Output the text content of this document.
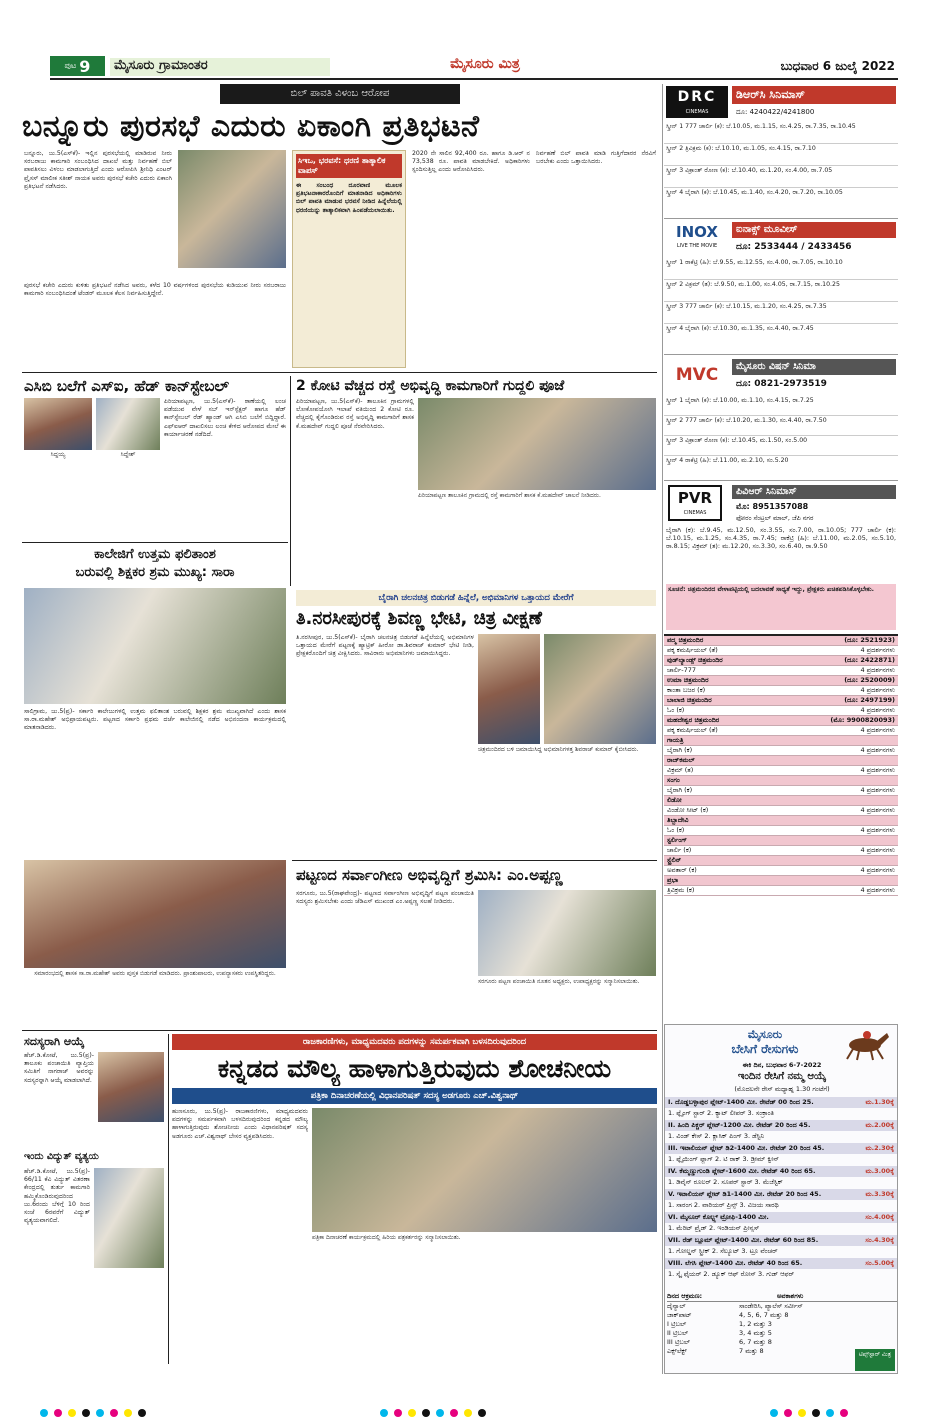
ಪುಟ 9	ಮೈಸೂರು ಗ್ರಾಮಾಂತರ	ಮೈಸೂರು ಮಿತ್ರ	ಬುಧವಾರ 6 ಜುಲೈ 2022
ಬಿಲ್ ಪಾವತಿ ವಿಳಂಬ ಆರೋಪ
ಬನ್ನೂರು ಪುರಸಭೆ ಎದುರು ಏಕಾಂಗಿ ಪ್ರತಿಭಟನೆ
ಬನ್ನೂರು, ಜು.5(ಎಸ್‌ಕೆ)- ಇಲ್ಲಿನ ಪುರಸಭೆಯಲ್ಲಿ ಮಾಡಿರುವ ನೀರು ಸರಬರಾಜು ಕಾಮಗಾರಿ ಸಂಬಂಧಿಸಿದ ದಾಖಲೆ ಮತ್ತು ನಿರ್ವಹಣೆ ಬಿಲ್ ಪಾವತಿಸಲು ವಿಳಂಬ ಮಾಡಲಾಗುತ್ತಿದೆ ಎಂದು ಆರೋಪಿಸಿ ಶ್ರೀನಿಧಿ ಎಂಟರ್ ಪ್ರೈಸಸ್ ಮಾಲೀಕ ಸತೀಶ್ ನಾಯಕ ಅವರು ಪುರಸಭೆ ಕಚೇರಿ ಎದುರು ಏಕಾಂಗಿ ಪ್ರತಿಭಟನೆ ನಡೆಸಿದರು.
ಪುರಸಭೆ ಕಚೇರಿ ಎದುರು ಕುಳಿತು ಪ್ರತಿಭಟನೆ ನಡೆಸಿದ ಅವರು, ಕಳೆದ 10 ವರ್ಷಗಳಿಂದ ಪುರಸಭೆಯ ಕುಡಿಯುವ ನೀರು ಸರಬರಾಜು ಕಾಮಗಾರಿ ಸಂಬಂಧಿಸಿದಂತೆ ಟೆಂಡರ್ ಮೂಲಕ ಕೆಲಸ ನಿರ್ವಹಿಸುತ್ತಿದ್ದೇನೆ.
ಸಿಇಒ, ಭರವಸೆ: ಧರಣಿ ತಾತ್ಕಾಲಿಕ ವಾಪಸ್
ಈ ಸಂಬಂಧ ದೂರವಾಣಿ ಮೂಲಕ ಪ್ರತಿಭಟನಾಕಾರರೊಂದಿಗೆ ಮಾತನಾಡಿದ ಅಧಿಕಾರಿಗಳು ಬಿಲ್ ಪಾವತಿ ಮಾಡುವ ಭರವಸೆ ನೀಡಿದ ಹಿನ್ನೆಲೆಯಲ್ಲಿ ಧರಣಿಯನ್ನು ತಾತ್ಕಾಲಿಕವಾಗಿ ಹಿಂಪಡೆಯಲಾಯಿತು.
2020 ನೇ ಸಾಲಿನ 92,400 ರೂ. ಹಾಗೂ ಡಿ.ಆರ್ ನ 73,538 ರೂ. ಪಾವತಿ ಮಾಡಬೇಕಿದೆ. ಅಧಿಕಾರಿಗಳು ಸ್ಪಂದಿಸುತ್ತಿಲ್ಲ ಎಂದು ಆರೋಪಿಸಿದರು.
ನಿರ್ವಹಣೆ ಬಿಲ್ ಪಾವತಿ ಮಾಡಿ ಗುತ್ತಿಗೆದಾರರ ನೆರವಿಗೆ ಬರಬೇಕು ಎಂದು ಒತ್ತಾಯಿಸಿದರು.
ಎಸಿಬಿ ಬಲೆಗೆ ಎಸ್‌ಐ, ಹೆಡ್ ಕಾನ್‌ಸ್ಟೇಬಲ್
ಸಿದ್ದಯ್ಯ	ಸಿದ್ದೇಶ್
ಪಿರಿಯಾಪಟ್ಟಣ, ಜು.5(ಎಸ್‌ಕೆ)- ಠಾಣೆಯಲ್ಲಿ ಲಂಚ ಪಡೆಯುವ ವೇಳೆ ಸಬ್ ಇನ್‌ಸ್ಪೆಕ್ಟರ್ ಹಾಗೂ ಹೆಡ್ ಕಾನ್‌ಸ್ಟೇಬಲ್ ರೆಡ್ ಹ್ಯಾಂಡ್ ಆಗಿ ಎಸಿಬಿ ಬಲೆಗೆ ಬಿದ್ದಿದ್ದಾರೆ. ಎಫ್‌ಐಆರ್ ದಾಖಲಿಸಲು ಲಂಚ ಕೇಳಿದ ಆರೋಪದ ಮೇಲೆ ಈ ಕಾರ್ಯಾಚರಣೆ ನಡೆದಿದೆ.
2 ಕೋಟಿ ವೆಚ್ಚದ ರಸ್ತೆ ಅಭಿವೃದ್ಧಿ ಕಾಮಗಾರಿಗೆ ಗುದ್ದಲಿ ಪೂಜೆ
ಪಿರಿಯಾಪಟ್ಟಣ, ಜು.5(ಎಸ್‌ಕೆ)- ತಾಲೂಕಿನ ಗ್ರಾಮಗಳಲ್ಲಿ ಲೋಕೋಪಯೋಗಿ ಇಲಾಖೆ ವತಿಯಿಂದ 2 ಕೋಟಿ ರೂ. ವೆಚ್ಚದಲ್ಲಿ ಕೈಗೊಂಡಿರುವ ರಸ್ತೆ ಅಭಿವೃದ್ಧಿ ಕಾಮಗಾರಿಗೆ ಶಾಸಕ ಕೆ.ಮಹದೇವ್ ಗುದ್ದಲಿ ಪೂಜೆ ನೆರವೇರಿಸಿದರು.
ಪಿರಿಯಾಪಟ್ಟಣ ತಾಲೂಕಿನ ಗ್ರಾಮದಲ್ಲಿ ರಸ್ತೆ ಕಾಮಗಾರಿಗೆ ಶಾಸಕ ಕೆ.ಮಹದೇವ್ ಚಾಲನೆ ನೀಡಿದರು.
ಕಾಲೇಜಿಗೆ ಉತ್ತಮ ಫಲಿತಾಂಶ
ಬರುವಲ್ಲಿ ಶಿಕ್ಷಕರ ಶ್ರಮ ಮುಖ್ಯ: ಸಾರಾ
ಸಾಲಿಗ್ರಾಮ, ಜು.5(ಪ್ರ)- ಸರ್ಕಾರಿ ಕಾಲೇಜುಗಳಲ್ಲಿ ಉತ್ತಮ ಫಲಿತಾಂಶ ಬರುವಲ್ಲಿ ಶಿಕ್ಷಕರ ಶ್ರಮ ಮುಖ್ಯವಾಗಿದೆ ಎಂದು ಶಾಸಕ ಸಾ.ರಾ.ಮಹೇಶ್ ಅಭಿಪ್ರಾಯಪಟ್ಟರು. ಪಟ್ಟಣದ ಸರ್ಕಾರಿ ಪ್ರಥಮ ದರ್ಜೆ ಕಾಲೇಜಿನಲ್ಲಿ ನಡೆದ ಅಭಿನಂದನಾ ಕಾರ್ಯಕ್ರಮದಲ್ಲಿ ಮಾತನಾಡಿದರು.
ಸಮಾರಂಭದಲ್ಲಿ ಶಾಸಕ ಸಾ.ರಾ.ಮಹೇಶ್ ಅವರು ಪುಸ್ತಕ ಬಿಡುಗಡೆ ಮಾಡಿದರು. ಪ್ರಾಂಶುಪಾಲರು, ಉಪನ್ಯಾಸಕರು ಉಪಸ್ಥಿತರಿದ್ದರು.
ಬೈರಾಗಿ ಚಲನಚಿತ್ರ ಬಿಡುಗಡೆ ಹಿನ್ನೆಲೆ, ಅಭಿಮಾನಿಗಳ ಒತ್ತಾಯದ ಮೇರೆಗೆ
ತಿ.ನರಸೀಪುರಕ್ಕೆ ಶಿವಣ್ಣ ಭೇಟಿ, ಚಿತ್ರ ವೀಕ್ಷಣೆ
ತಿ.ನರಸೀಪುರ, ಜು.5(ಎಸ್‌ಕೆ)- ಬೈರಾಗಿ ಚಲನಚಿತ್ರ ಬಿಡುಗಡೆ ಹಿನ್ನೆಲೆಯಲ್ಲಿ ಅಭಿಮಾನಿಗಳ ಒತ್ತಾಯದ ಮೇರೆಗೆ ಪಟ್ಟಣಕ್ಕೆ ಹ್ಯಾಟ್ರಿಕ್ ಹೀರೋ ಡಾ.ಶಿವರಾಜ್ ಕುಮಾರ್ ಭೇಟಿ ನೀಡಿ, ಪ್ರೇಕ್ಷಕರೊಂದಿಗೆ ಚಿತ್ರ ವೀಕ್ಷಿಸಿದರು. ಸಾವಿರಾರು ಅಭಿಮಾನಿಗಳು ಜಮಾಯಿಸಿದ್ದರು.
ಚಿತ್ರಮಂದಿರದ ಬಳಿ ಜಮಾಯಿಸಿದ್ದ ಅಭಿಮಾನಿಗಳತ್ತ ಶಿವರಾಜ್ ಕುಮಾರ್ ಕೈಬೀಸಿದರು.
ಪಟ್ಟಣದ ಸರ್ವಾಂಗೀಣ ಅಭಿವೃದ್ಧಿಗೆ ಶ್ರಮಿಸಿ: ಎಂ.ಅಪ್ಪಣ್ಣ
ಸರಗೂರು, ಜು.5(ರಾಘವೇಂದ್ರ)- ಪಟ್ಟಣದ ಸರ್ವಾಂಗೀಣ ಅಭಿವೃದ್ಧಿಗೆ ಪಟ್ಟಣ ಪಂಚಾಯಿತಿ ಸದಸ್ಯರು ಶ್ರಮಿಸಬೇಕು ಎಂದು ಜೆಡಿಎಸ್ ಮುಖಂಡ ಎಂ.ಅಪ್ಪಣ್ಣ ಸಲಹೆ ನೀಡಿದರು.
ಸರಗೂರು ಪಟ್ಟಣ ಪಂಚಾಯಿತಿ ನೂತನ ಅಧ್ಯಕ್ಷರು, ಉಪಾಧ್ಯಕ್ಷರನ್ನು ಸನ್ಮಾನಿಸಲಾಯಿತು.
ಸದಸ್ಯರಾಗಿ ಆಯ್ಕೆ
ಹೆಚ್.ಡಿ.ಕೋಟೆ, ಜು.5(ಪ್ರ)- ತಾಲೂಕು ಪಂಚಾಯಿತಿ ವ್ಯಾಪ್ತಿಯ ಸಮಿತಿಗೆ ನಾಗರಾಜ್ ಅವರನ್ನು ಸದಸ್ಯರನ್ನಾಗಿ ಆಯ್ಕೆ ಮಾಡಲಾಗಿದೆ.
ಇಂದು ವಿದ್ಯುತ್ ವ್ಯತ್ಯಯ
ಹೆಚ್.ಡಿ.ಕೋಟೆ, ಜು.5(ಪ್ರ)- 66/11 ಕೆವಿ ವಿದ್ಯುತ್ ವಿತರಣಾ ಕೇಂದ್ರದಲ್ಲಿ ತುರ್ತು ಕಾಮಗಾರಿ ಹಮ್ಮಿಕೊಂಡಿರುವುದರಿಂದ ಜು.6ರಂದು ಬೆಳಿಗ್ಗೆ 10 ರಿಂದ ಸಂಜೆ 6ರವರೆಗೆ ವಿದ್ಯುತ್ ವ್ಯತ್ಯಯವಾಗಲಿದೆ.
ರಾಜಕಾರಣಿಗಳು, ಮಾಧ್ಯಮದವರು ಪದಗಳನ್ನು ಸಮರ್ಪಕವಾಗಿ ಬಳಸದಿರುವುದರಿಂದ
ಕನ್ನಡದ ಮೌಲ್ಯ ಹಾಳಾಗುತ್ತಿರುವುದು ಶೋಚನೀಯ
ಪತ್ರಿಕಾ ದಿನಾಚರಣೆಯಲ್ಲಿ ವಿಧಾನಪರಿಷತ್ ಸದಸ್ಯ ಅಡಗೂರು ಎಚ್.ವಿಶ್ವನಾಥ್
ಹುಣಸೂರು, ಜು.5(ಪ್ರ)- ರಾಜಕಾರಣಿಗಳು, ಮಾಧ್ಯಮದವರು ಪದಗಳನ್ನು ಸಮರ್ಪಕವಾಗಿ ಬಳಸದಿರುವುದರಿಂದ ಕನ್ನಡದ ಮೌಲ್ಯ ಹಾಳಾಗುತ್ತಿರುವುದು ಶೋಚನೀಯ ಎಂದು ವಿಧಾನಪರಿಷತ್ ಸದಸ್ಯ ಅಡಗೂರು ಎಚ್.ವಿಶ್ವನಾಥ್ ಬೇಸರ ವ್ಯಕ್ತಪಡಿಸಿದರು.
ಪತ್ರಿಕಾ ದಿನಾಚರಣೆ ಕಾರ್ಯಕ್ರಮದಲ್ಲಿ ಹಿರಿಯ ಪತ್ರಕರ್ತರನ್ನು ಸನ್ಮಾನಿಸಲಾಯಿತು.
DRC
CINEMAS
ಡಿಆರ್‌ಸಿ ಸಿನಿಮಾಸ್
ದೂ: 4240422/4241800
ಸ್ಕ್ರೀನ್ 1 777 ಚಾರ್ಲಿ (ಕ): ಬೆ.10.05, ಮ.1.15, ಸಂ.4.25, ರಾ.7.35, ರಾ.10.45
ಸ್ಕ್ರೀನ್ 2 ತ್ರಿವಿಕ್ರಮ (ಕ): ಬೆ.10.10, ಮ.1.05, ಸಂ.4.15, ರಾ.7.10
ಸ್ಕ್ರೀನ್ 3 ವಿಕ್ರಾಂತ್ ರೋಣ (ಕ): ಬೆ.10.40, ಮ.1.20, ಸಂ.4.00, ರಾ.7.05
ಸ್ಕ್ರೀನ್ 4 ಬೈರಾಗಿ (ಕ): ಬೆ.10.45, ಮ.1.40, ಸಂ.4.20, ರಾ.7.20, ರಾ.10.05
INOX
LIVE THE MOVIE
ಐನಾಕ್ಸ್ ಮೂವೀಸ್
ದೂ: 2533444 / 2433456
ಸ್ಕ್ರೀನ್ 1 ರಾಕೆಟ್ರಿ (ಹಿ): ಬೆ.9.55, ಮ.12.55, ಸಂ.4.00, ರಾ.7.05, ರಾ.10.10
ಸ್ಕ್ರೀನ್ 2 ವಿಕ್ರಮ್ (ತ): ಬೆ.9.50, ಮ.1.00, ಸಂ.4.05, ರಾ.7.15, ರಾ.10.25
ಸ್ಕ್ರೀನ್ 3 777 ಚಾರ್ಲಿ (ಕ): ಬೆ.10.15, ಮ.1.20, ಸಂ.4.25, ರಾ.7.35
ಸ್ಕ್ರೀನ್ 4 ಬೈರಾಗಿ (ಕ): ಬೆ.10.30, ಮ.1.35, ಸಂ.4.40, ರಾ.7.45
MVC	ಮೈಸೂರು ವಿಷನ್ ಸಿನಿಮಾ
ದೂ: 0821-2973519
ಸ್ಕ್ರೀನ್ 1 ಬೈರಾಗಿ (ಕ): ಬೆ.10.00, ಮ.1.10, ಸಂ.4.15, ರಾ.7.25
ಸ್ಕ್ರೀನ್ 2 777 ಚಾರ್ಲಿ (ಕ): ಬೆ.10.20, ಮ.1.30, ಸಂ.4.40, ರಾ.7.50
ಸ್ಕ್ರೀನ್ 3 ವಿಕ್ರಾಂತ್ ರೋಣ (ಕ): ಬೆ.10.45, ಮ.1.50, ಸಂ.5.00
ಸ್ಕ್ರೀನ್ 4 ರಾಕೆಟ್ರಿ (ಹಿ): ಬೆ.11.00, ಮ.2.10, ಸಂ.5.20
PVR
CINEMAS
ಪಿವಿಆರ್ ಸಿನಿಮಾಸ್
ಮೊ: 8951357088
ಫೋರಂ ಸೆಂಟ್ರಲ್ ಮಾಲ್, ಜೆಪಿ ನಗರ
ಬೈರಾಗಿ (ಕ): ಬೆ.9.45, ಮ.12.50, ಸಂ.3.55, ಸಂ.7.00, ರಾ.10.05; 777 ಚಾರ್ಲಿ (ಕ): ಬೆ.10.15, ಮ.1.25, ಸಂ.4.35, ರಾ.7.45; ರಾಕೆಟ್ರಿ (ಹಿ): ಬೆ.11.00, ಮ.2.05, ಸಂ.5.10, ರಾ.8.15; ವಿಕ್ರಮ್ (ತ): ಮ.12.20, ಸಂ.3.30, ಸಂ.6.40, ರಾ.9.50
ಸೂಚನೆ: ಚಿತ್ರಮಂದಿರದ ವೇಳಾಪಟ್ಟಿಯಲ್ಲಿ ಬದಲಾವಣೆ ಸಾಧ್ಯತೆ ಇದ್ದು, ಪ್ರೇಕ್ಷಕರು ಖಚಿತಪಡಿಸಿಕೊಳ್ಳಬೇಕು.
ಪದ್ಮ ಚಿತ್ರಮಂದಿರ	(ದೂ: 2521923)
ಪಕ್ಕ ಕಮರ್ಷಿಯಲ್ (ತೆ)	4 ಪ್ರದರ್ಶನಗಳು
ವುಡ್‌ಲ್ಯಾಂಡ್ಸ್ ಚಿತ್ರಮಂದಿರ	(ದೂ: 2422871)
ಚಾರ್ಲಿ-777	4 ಪ್ರದರ್ಶನಗಳು
ಉಮಾ ಚಿತ್ರಮಂದಿರ	(ದೂ: 2520009)
ಕಾಂತಾ ಬಜರ (ಕ)	4 ಪ್ರದರ್ಶನಗಳು
ಬಾಲಾಜಿ ಚಿತ್ರಮಂದಿರ	(ದೂ: 2497199)
ಓಂ (ಕ)	4 ಪ್ರದರ್ಶನಗಳು
ಮಹದೇಶ್ವರ ಚಿತ್ರಮಂದಿರ	(ಮೊ: 9900820093)
ಪಕ್ಕ ಕಮರ್ಷಿಯಲ್ (ತೆ)	4 ಪ್ರದರ್ಶನಗಳು
ಗಾಯತ್ರಿ
ಬೈರಾಗಿ (ಕ)	4 ಪ್ರದರ್ಶನಗಳು
ರಾಜ್‌ಕಮಲ್
ವಿಕ್ರಮ್ (ತ)	4 ಪ್ರದರ್ಶನಗಳು
ಸಂಗಂ
ಬೈರಾಗಿ (ಕ)	4 ಪ್ರದರ್ಶನಗಳು
ಲಿಡೋ
ವಿಂಡೋ ಸೀಟ್ (ಕ)	4 ಪ್ರದರ್ಶನಗಳು
ತಿಬ್ಬಾದೇವಿ
ಓಂ (ಕ)	4 ಪ್ರದರ್ಶನಗಳು
ಸ್ಟರ್ಲಿಂಗ್
ಚಾರ್ಲಿ (ಕ)	4 ಪ್ರದರ್ಶನಗಳು
ಸ್ಟ್ರೆಲಿನ್
ಅವತಾರ್ (ಕ)	4 ಪ್ರದರ್ಶನಗಳು
ಪ್ರಭಾ
ತ್ರಿವಿಕ್ರಮ (ಕ)	4 ಪ್ರದರ್ಶನಗಳು
ಮೈಸೂರು
ಬೇಸಿಗೆ ರೇಸುಗಳು
ಈಕಿ ದಿನ, ಬುಧವಾರ 6-7-2022
ಇಂದಿನ ರೇಸಿಗೆ ನಮ್ಮ ಆಯ್ಕೆ
(ಮೊದಲನೇ ರೇಸ್ ಮಧ್ಯಾಹ್ನ 1.30 ಗಂಟೆಗೆ)
I. ದೊಡ್ಡಬಳ್ಳಾಪುರ ಪ್ಲೇಟ್-1400 ಮೀ. ರೇಟೆಡ್ 00 ರಿಂದ 25.	ಮ.1.30ಕ್ಕೆ
1. ಫ್ಲೈಂಗ್ ಸ್ಟಾರ್ 2. ಕ್ಯಾಟ್ ಲೀಪರ್ 3. ಸಂಕ್ರಾಂತಿ
II. ಹಿಂದಿ ಪಿಕ್ಚರ್ ಪ್ಲೇಟ್-1200 ಮೀ. ರೇಟೆಡ್ 20 ರಿಂದ 45.	ಮ.2.00ಕ್ಕೆ
1. ವಿಂಡ್ ಕೇಸ್ 2. ಕ್ಲಾಸಿಕ್ ಪಿಂಗ್ 3. ಡೆಸ್ಟಿನಿ
III. ಇಟಾಲಿಯನ್ ಪ್ಲೇಟ್ ಡಿ2-1400 ಮೀ. ರೇಟೆಡ್ 20 ರಿಂದ 45.	ಮ.2.30ಕ್ಕೆ
1. ಫ್ಲೈಯಿಂಗ್ ಫ್ಲಾಗ್ 2. ಟಿ ರಾಕ್ 3. ಡ್ರೀಮ್ ಕ್ವೀನ್
IV. ಕೆಮ್ಮಣ್ಣುಗುಂಡಿ ಪ್ಲೇಟ್-1600 ಮೀ. ರೇಟೆಡ್ 40 ರಿಂದ 65.	ಮ.3.00ಕ್ಕೆ
1. ಡಿವೈನ್ ರೂಲರ್ 2. ಸೂಪರ್ ಸ್ಟಾರ್ 3. ಮೆಜೆಸ್ಟಿಕ್
V. ಇಟಾಲಿಯನ್ ಪ್ಲೇಟ್ ಡಿ1-1400 ಮೀ. ರೇಟೆಡ್ 20 ರಿಂದ 45.	ಮ.3.30ಕ್ಕೆ
1. ಸಾರಂಗ 2. ವಾರಿಯರ್ ಪ್ರಿನ್ಸ್ 3. ವಿಜಯ ಸಾರಥಿ
VI. ಮೈಸೂರ್ ಕೊಲ್ಟ್ಸ್ ಟ್ರೋಫಿ-1400 ಮೀ.	ಸಂ.4.00ಕ್ಕೆ
1. ಮೆರಿಟ್ ಪ್ರೈಡ್ 2. ಇಂಡಿಯನ್ ಪ್ರೀನ್ಸಸ್
VII. ರೆಡ್ ಬ್ಲೂಮ್ ಪ್ಲೇಟ್-1400 ಮೀ. ರೇಟೆಡ್ 60 ರಿಂದ 85.	ಸಂ.4.30ಕ್ಕೆ
1. ಗೋಲ್ಡನ್ ಸ್ಟ್ರೀಕ್ 2. ಸೆಲ್ಯೂಟ್ 3. ಟ್ರೂ ವೆಂಚರ್
VIII. ಲೆಗಸಿ ಪ್ಲೇಟ್-1400 ಮೀ. ರೇಟೆಡ್ 40 ರಿಂದ 65.	ಸಂ.5.00ಕ್ಕೆ
1. ಸ್ಕೈ ಫೈಯರ್ 2. ಡ್ಯೂಕ್ ಆಫ್ ರೋಸ್ 3. ಗುಡ್ ಆಫರ್
ದಿನದ ಆಕ್ರಮಣ:	ಅವಕಾಶಗಳು
ದೈನ್ಯಾಲ್	ಸಾಂಡೇರಿಸಿ, ಪ್ಯಾಲೆಸ್ ಸರ್ವೀಸ್
ಜಾಕ್‌ಪಾಟ್	4, 5, 6, 7 ಮತ್ತು 8
I ಟ್ರಿಬಲ್	1, 2 ಮತ್ತು 3
II ಟ್ರಿಬಲ್	3, 4 ಮತ್ತು 5
III ಟ್ರಿಬಲ್	6, 7 ಮತ್ತು 8
ಎಕ್ಸ್‌ಲೆಕ್ಟ್	7 ಮತ್ತು 8	ಟಿಪ್ಸ್‌ಸ್ಟಾರ್ ಮಿತ್ರ
